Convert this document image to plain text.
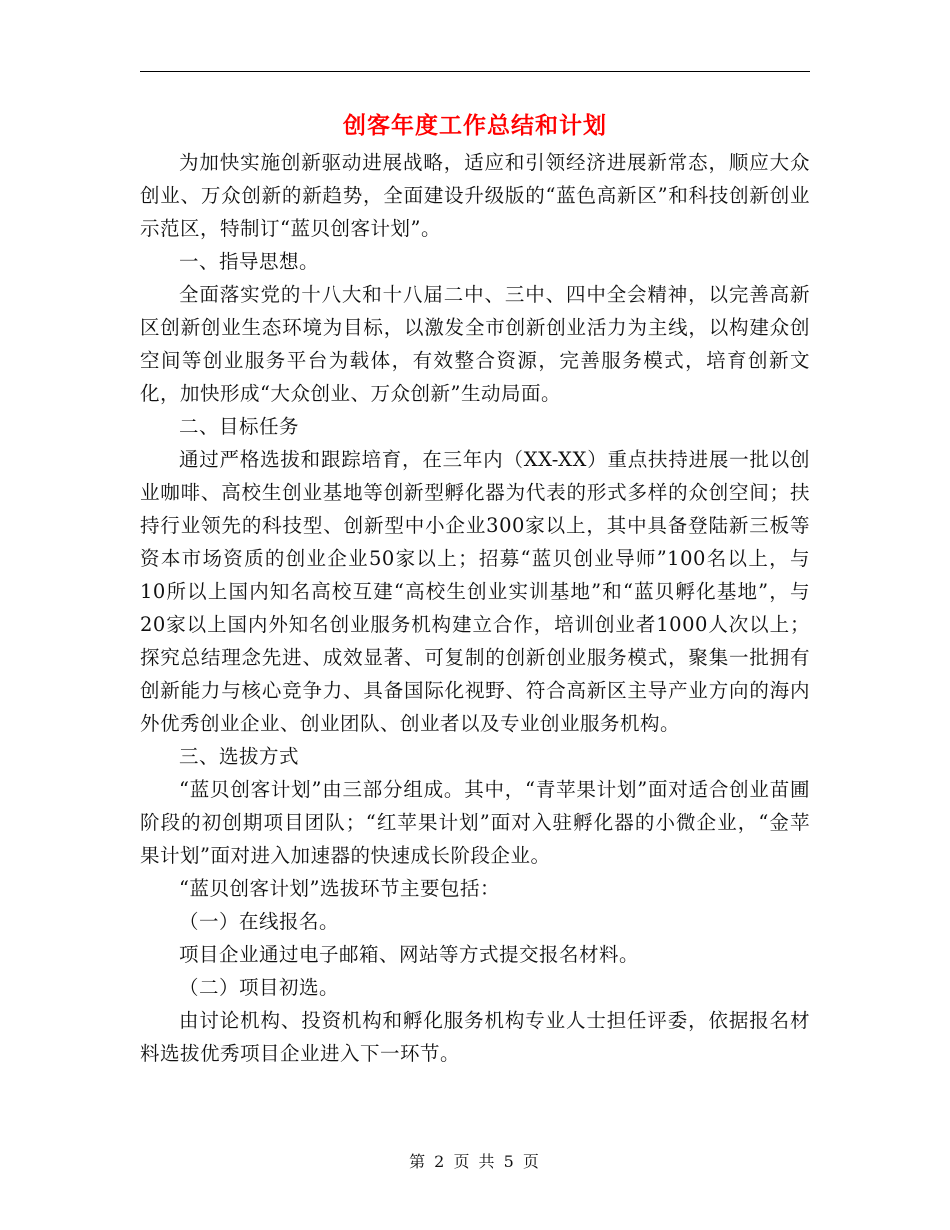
创客年度工作总结和计划

为加快实施创新驱动进展战略，适应和引领经济进展新常态，顺应大众创业、万众创新的新趋势，全面建设升级版的“蓝色高新区”和科技创新创业示范区，特制订“蓝贝创客计划”。

一、指导思想。

全面落实党的十八大和十八届二中、三中、四中全会精神，以完善高新区创新创业生态环境为目标，以激发全市创新创业活力为主线，以构建众创空间等创业服务平台为载体，有效整合资源，完善服务模式，培育创新文化，加快形成“大众创业、万众创新”生动局面。

二、目标任务

通过严格选拔和跟踪培育，在三年内（XX-XX）重点扶持进展一批以创业咖啡、高校生创业基地等创新型孵化器为代表的形式多样的众创空间；扶持行业领先的科技型、创新型中小企业300家以上，其中具备登陆新三板等资本市场资质的创业企业50家以上；招募“蓝贝创业导师”100名以上，与10所以上国内知名高校互建“高校生创业实训基地”和“蓝贝孵化基地”，与20家以上国内外知名创业服务机构建立合作，培训创业者1000人次以上；探究总结理念先进、成效显著、可复制的创新创业服务模式，聚集一批拥有创新能力与核心竞争力、具备国际化视野、符合高新区主导产业方向的海内外优秀创业企业、创业团队、创业者以及专业创业服务机构。

三、选拔方式

“蓝贝创客计划”由三部分组成。其中，“青苹果计划”面对适合创业苗圃阶段的初创期项目团队；“红苹果计划”面对入驻孵化器的小微企业，“金苹果计划”面对进入加速器的快速成长阶段企业。

“蓝贝创客计划”选拔环节主要包括：

（一）在线报名。

项目企业通过电子邮箱、网站等方式提交报名材料。

（二）项目初选。

由讨论机构、投资机构和孵化服务机构专业人士担任评委，依据报名材料选拔优秀项目企业进入下一环节。

第 2 页 共 5 页
